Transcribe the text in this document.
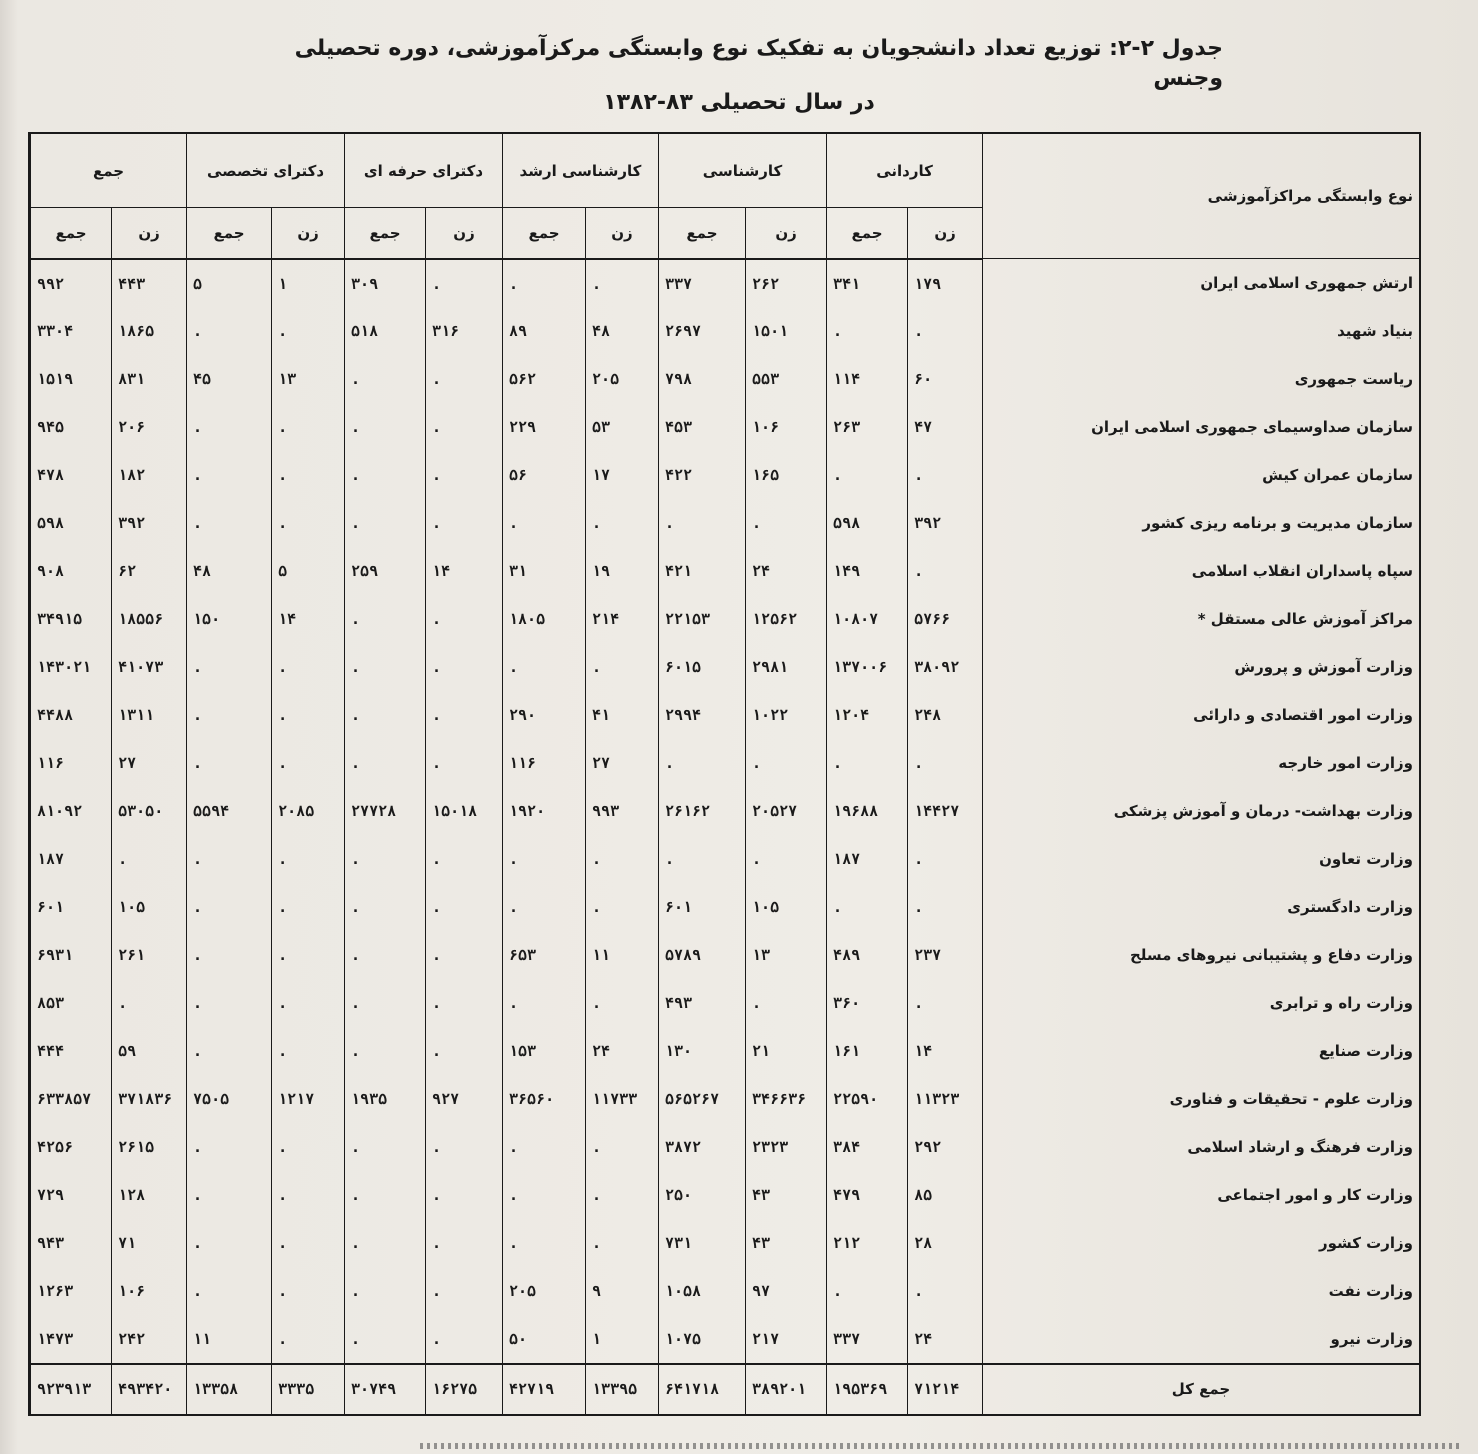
جدول ۲-۲: توزیع تعداد دانشجویان به تفکیک نوع وابستگی مرکزآموزشی، دوره تحصیلی وجنس
در سال تحصیلی ۸۳-۱۳۸۲
نوع وابستگی مراکزآموزشی	کاردانی		کارشناسی		کارشناسی ارشد		دکترای حرفه ای		دکترای تخصصی		جمع	
	زن	جمع	زن	جمع	زن	جمع	زن	جمع	زن	جمع	زن	جمع
ارتش جمهوری اسلامی ایران	۱۷۹	۳۴۱	۲۶۲	۳۳۷	.	.	.	۳۰۹	۱	۵	۴۴۳	۹۹۲
بنیاد شهید	.	.	۱۵۰۱	۲۶۹۷	۴۸	۸۹	۳۱۶	۵۱۸	.	.	۱۸۶۵	۳۳۰۴
ریاست جمهوری	۶۰	۱۱۴	۵۵۳	۷۹۸	۲۰۵	۵۶۲	.	.	۱۳	۴۵	۸۳۱	۱۵۱۹
سازمان صداوسیمای جمهوری اسلامی ایران	۴۷	۲۶۳	۱۰۶	۴۵۳	۵۳	۲۲۹	.	.	.	.	۲۰۶	۹۴۵
سازمان عمران کیش	.	.	۱۶۵	۴۲۲	۱۷	۵۶	.	.	.	.	۱۸۲	۴۷۸
سازمان مدیریت و برنامه ریزی کشور	۳۹۲	۵۹۸	.	.	.	.	.	.	.	.	۳۹۲	۵۹۸
سپاه پاسداران انقلاب اسلامی	.	۱۴۹	۲۴	۴۲۱	۱۹	۳۱	۱۴	۲۵۹	۵	۴۸	۶۲	۹۰۸
مراکز آموزش عالی مستقل *	۵۷۶۶	۱۰۸۰۷	۱۲۵۶۲	۲۲۱۵۳	۲۱۴	۱۸۰۵	.	.	۱۴	۱۵۰	۱۸۵۵۶	۳۴۹۱۵
وزارت آموزش و پرورش	۳۸۰۹۲	۱۳۷۰۰۶	۲۹۸۱	۶۰۱۵	.	.	.	.	.	.	۴۱۰۷۳	۱۴۳۰۲۱
وزارت امور اقتصادی و دارائی	۲۴۸	۱۲۰۴	۱۰۲۲	۲۹۹۴	۴۱	۲۹۰	.	.	.	.	۱۳۱۱	۴۴۸۸
وزارت امور خارجه	.	.	.	.	۲۷	۱۱۶	.	.	.	.	۲۷	۱۱۶
وزارت بهداشت- درمان و آموزش پزشکی	۱۴۴۲۷	۱۹۶۸۸	۲۰۵۲۷	۲۶۱۶۲	۹۹۳	۱۹۲۰	۱۵۰۱۸	۲۷۷۲۸	۲۰۸۵	۵۵۹۴	۵۳۰۵۰	۸۱۰۹۲
وزارت تعاون	.	۱۸۷	.	.	.	.	.	.	.	.	.	۱۸۷
وزارت دادگستری	.	.	۱۰۵	۶۰۱	.	.	.	.	.	.	۱۰۵	۶۰۱
وزارت دفاع و پشتیبانی نیروهای مسلح	۲۳۷	۴۸۹	۱۳	۵۷۸۹	۱۱	۶۵۳	.	.	.	.	۲۶۱	۶۹۳۱
وزارت راه و ترابری	.	۳۶۰	.	۴۹۳	.	.	.	.	.	.	.	۸۵۳
وزارت صنایع	۱۴	۱۶۱	۲۱	۱۳۰	۲۴	۱۵۳	.	.	.	.	۵۹	۴۴۴
وزارت علوم - تحقیقات و فناوری	۱۱۳۲۳	۲۲۵۹۰	۳۴۶۶۳۶	۵۶۵۲۶۷	۱۱۷۳۳	۳۶۵۶۰	۹۲۷	۱۹۳۵	۱۲۱۷	۷۵۰۵	۳۷۱۸۳۶	۶۳۳۸۵۷
وزارت فرهنگ و ارشاد اسلامی	۲۹۲	۳۸۴	۲۳۲۳	۳۸۷۲	.	.	.	.	.	.	۲۶۱۵	۴۲۵۶
وزارت کار و امور اجتماعی	۸۵	۴۷۹	۴۳	۲۵۰	.	.	.	.	.	.	۱۲۸	۷۲۹
وزارت کشور	۲۸	۲۱۲	۴۳	۷۳۱	.	.	.	.	.	.	۷۱	۹۴۳
وزارت نفت	.	.	۹۷	۱۰۵۸	۹	۲۰۵	.	.	.	.	۱۰۶	۱۲۶۳
وزارت نیرو	۲۴	۳۳۷	۲۱۷	۱۰۷۵	۱	۵۰	.	.	.	۱۱	۲۴۲	۱۴۷۳
جمع کل	۷۱۲۱۴	۱۹۵۳۶۹	۳۸۹۲۰۱	۶۴۱۷۱۸	۱۳۳۹۵	۴۲۷۱۹	۱۶۲۷۵	۳۰۷۴۹	۳۳۳۵	۱۳۳۵۸	۴۹۳۴۲۰	۹۲۳۹۱۳
